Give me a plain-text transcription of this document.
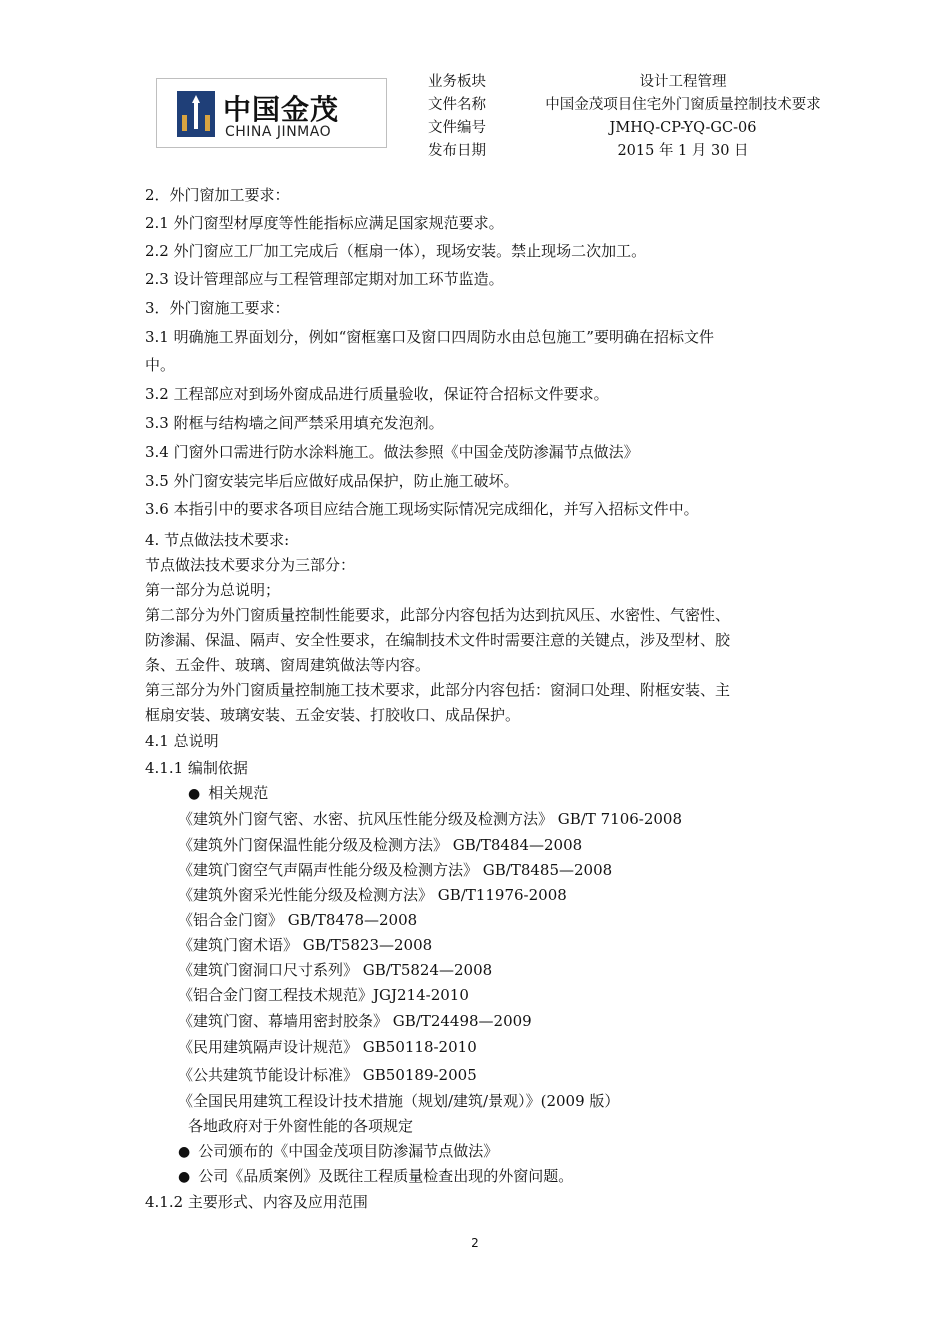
中国金茂
CHINA JINMAO
业务板块	设计工程管理
文件名称	中国金茂项目住宅外门窗质量控制技术要求
文件编号	JMHQ-CP-YQ-GC-06
发布日期	2015 年 1 月 30 日
2．外门窗加工要求：
2.1 外门窗型材厚度等性能指标应满足国家规范要求。
2.2 外门窗应工厂加工完成后（框扇一体），现场安装。禁止现场二次加工。
2.3 设计管理部应与工程管理部定期对加工环节监造。
3．外门窗施工要求：
3.1 明确施工界面划分，例如“窗框塞口及窗口四周防水由总包施工”要明确在招标文件
中。
3.2 工程部应对到场外窗成品进行质量验收，保证符合招标文件要求。
3.3 附框与结构墙之间严禁采用填充发泡剂。
3.4 门窗外口需进行防水涂料施工。做法参照《中国金茂防渗漏节点做法》
3.5 外门窗安装完毕后应做好成品保护，防止施工破坏。
3.6 本指引中的要求各项目应结合施工现场实际情况完成细化，并写入招标文件中。
4. 节点做法技术要求:
节点做法技术要求分为三部分：
第一部分为总说明；
第二部分为外门窗质量控制性能要求，此部分内容包括为达到抗风压、水密性、气密性、
防渗漏、保温、隔声、安全性要求，在编制技术文件时需要注意的关键点，涉及型材、胶
条、五金件、玻璃、窗周建筑做法等内容。
第三部分为外门窗质量控制施工技术要求，此部分内容包括：窗洞口处理、附框安装、主
框扇安装、玻璃安装、五金安装、打胶收口、成品保护。
4.1 总说明
4.1.1 编制依据
● 相关规范
《建筑外门窗气密、水密、抗风压性能分级及检测方法》 GB/T 7106-2008
《建筑外门窗保温性能分级及检测方法》 GB/T8484—2008
《建筑门窗空气声隔声性能分级及检测方法》 GB/T8485—2008
《建筑外窗采光性能分级及检测方法》 GB/T11976-2008
《铝合金门窗》 GB/T8478—2008
《建筑门窗术语》 GB/T5823—2008
《建筑门窗洞口尺寸系列》 GB/T5824—2008
《铝合金门窗工程技术规范》JGJ214-2010
《建筑门窗、幕墙用密封胶条》 GB/T24498—2009
《民用建筑隔声设计规范》 GB50118-2010
《公共建筑节能设计标准》 GB50189-2005
《全国民用建筑工程设计技术措施（规划/建筑/景观）》(2009 版）
各地政府对于外窗性能的各项规定
● 公司颁布的《中国金茂项目防渗漏节点做法》
● 公司《品质案例》及既往工程质量检查出现的外窗问题。
4.1.2 主要形式、内容及应用范围
2
